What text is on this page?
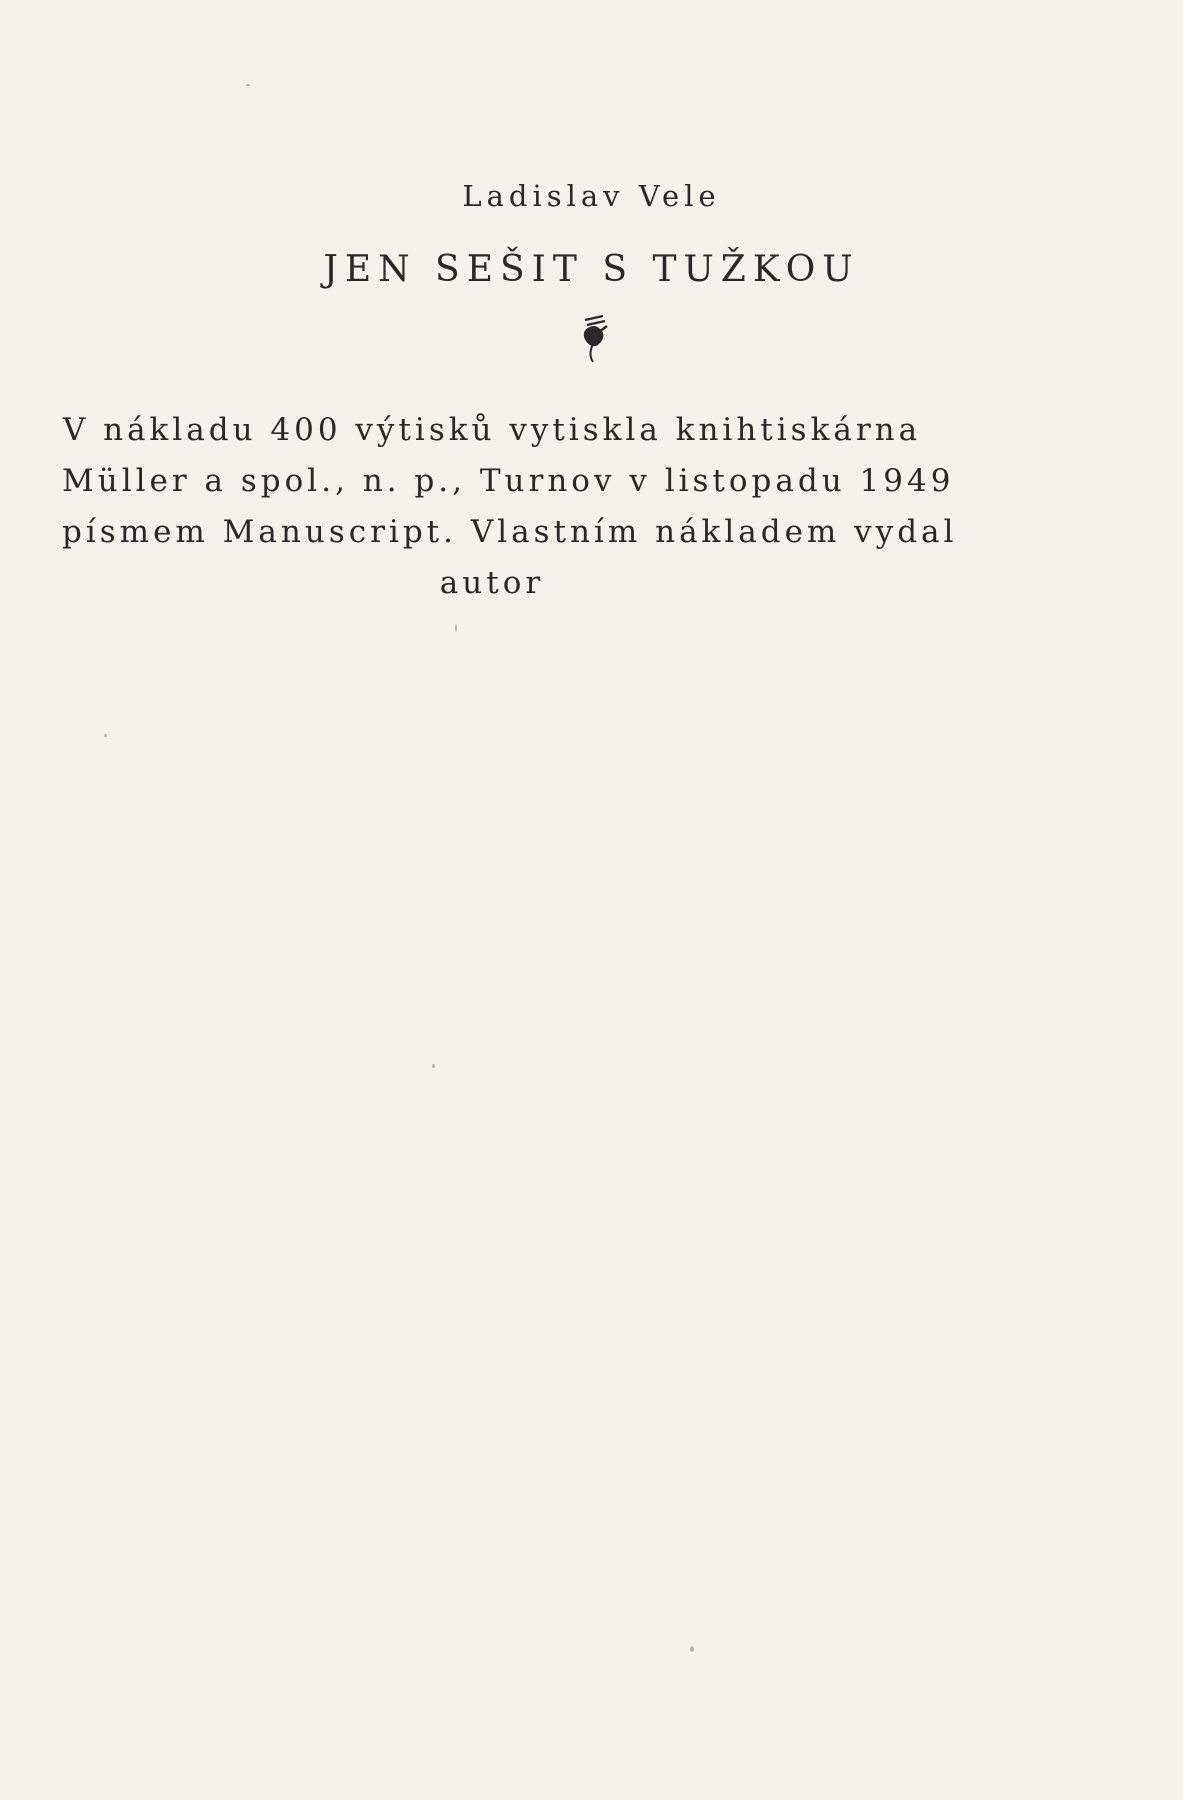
Ladislav Vele
JEN SEŠIT S TUŽKOU
V nákladu 400 výtisků vytiskla knihtiskárna
Müller a spol., n. p., Turnov v listopadu 1949
písmem Manuscript. Vlastním nákladem vydal
autor
